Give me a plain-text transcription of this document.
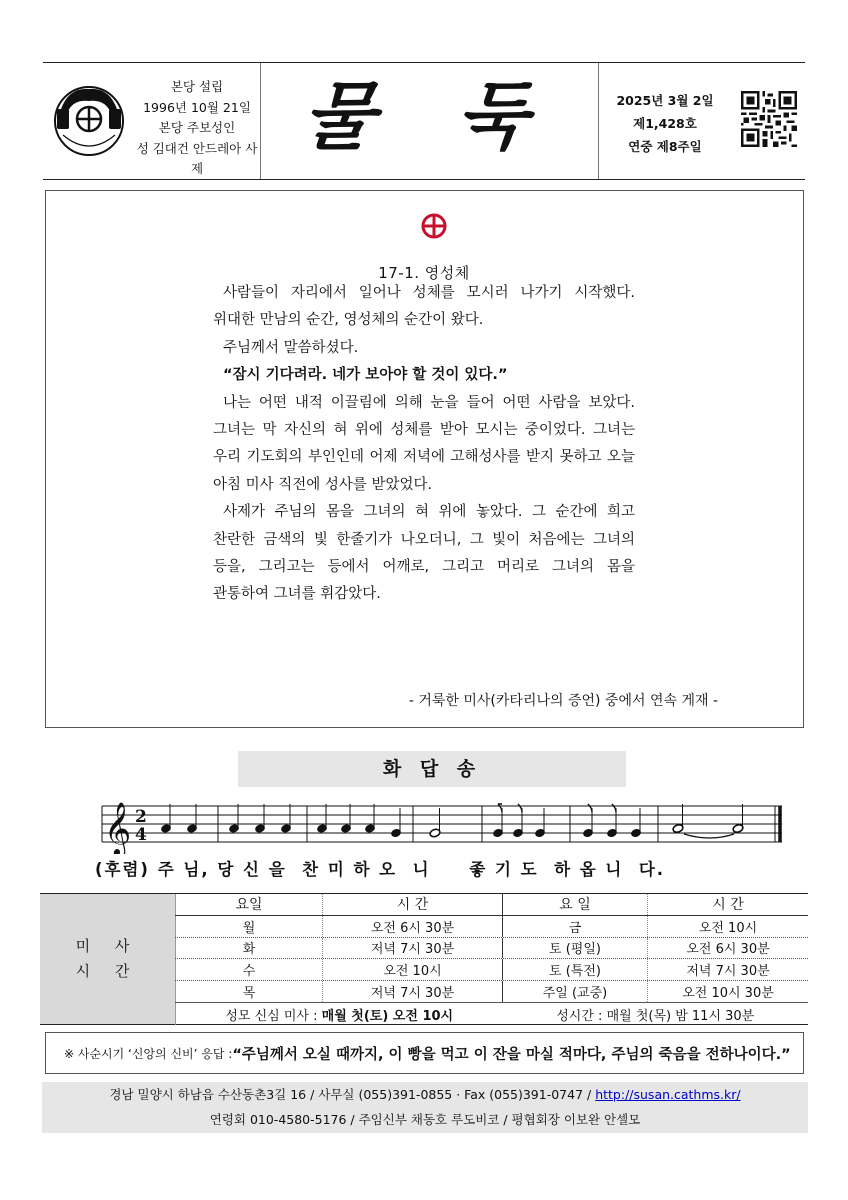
본당 설립
1996년 10월 21일
본당 주보성인
성 김대건 안드레아 사제
물 둑	2025년 3월 2일
제1,428호
연중 제8주일
17-1. 영성체

사람들이 자리에서 일어나 성체를 모시러 나가기 시작했다. 위대한 만남의 순간, 영성체의 순간이 왔다.

주님께서 말씀하셨다.

“잠시 기다려라. 네가 보아야 할 것이 있다.”

나는 어떤 내적 이끌림에 의해 눈을 들어 어떤 사람을 보았다. 그녀는 막 자신의 혀 위에 성체를 받아 모시는 중이었다. 그녀는 우리 기도회의 부인인데 어제 저녁에 고해성사를 받지 못하고 오늘 아침 미사 직전에 성사를 받았었다.

사제가 주님의 몸을 그녀의 혀 위에 놓았다. 그 순간에 희고 찬란한 금색의 빛 한줄기가 나오더니, 그 빛이 처음에는 그녀의 등을, 그리고는 등에서 어깨로, 그리고 머리로 그녀의 몸을 관통하여 그녀를 휘감았다.

- 거룩한 미사(카타리나의 증언) 중에서 연속 게재 -
화 답 송
𝄞 2
4
(후렴) 주 님, 당 신 을  찬 미 하 오  니     좋 기 도  하 옵 니  다.
미 사
시 간
요일	시 간	요 일	시 간
월	오전 6시 30분	금	오전 10시
화	저녁 7시 30분	토 (평일)	오전 6시 30분
수	오전 10시	토 (특전)	저녁 7시 30분
목	저녁 7시 30분	주일 (교중)	오전 10시 30분
성모 신심 미사 : 매월 첫(토) 오전 10시	성시간 : 매월 첫(목) 밤 11시 30분
※ 사순시기 ‘신앙의 신비’ 응답 : “주님께서 오실 때까지, 이 빵을 먹고 이 잔을 마실 적마다, 주님의 죽음을 전하나이다.”
경남 밀양시 하남읍 수산동촌3길 16 / 사무실 (055)391-0855 · Fax (055)391-0747 / http://susan.cathms.kr/
연령회 010-4580-5176 / 주임신부 채동호 루도비코 / 평협회장 이보완 안셀모
